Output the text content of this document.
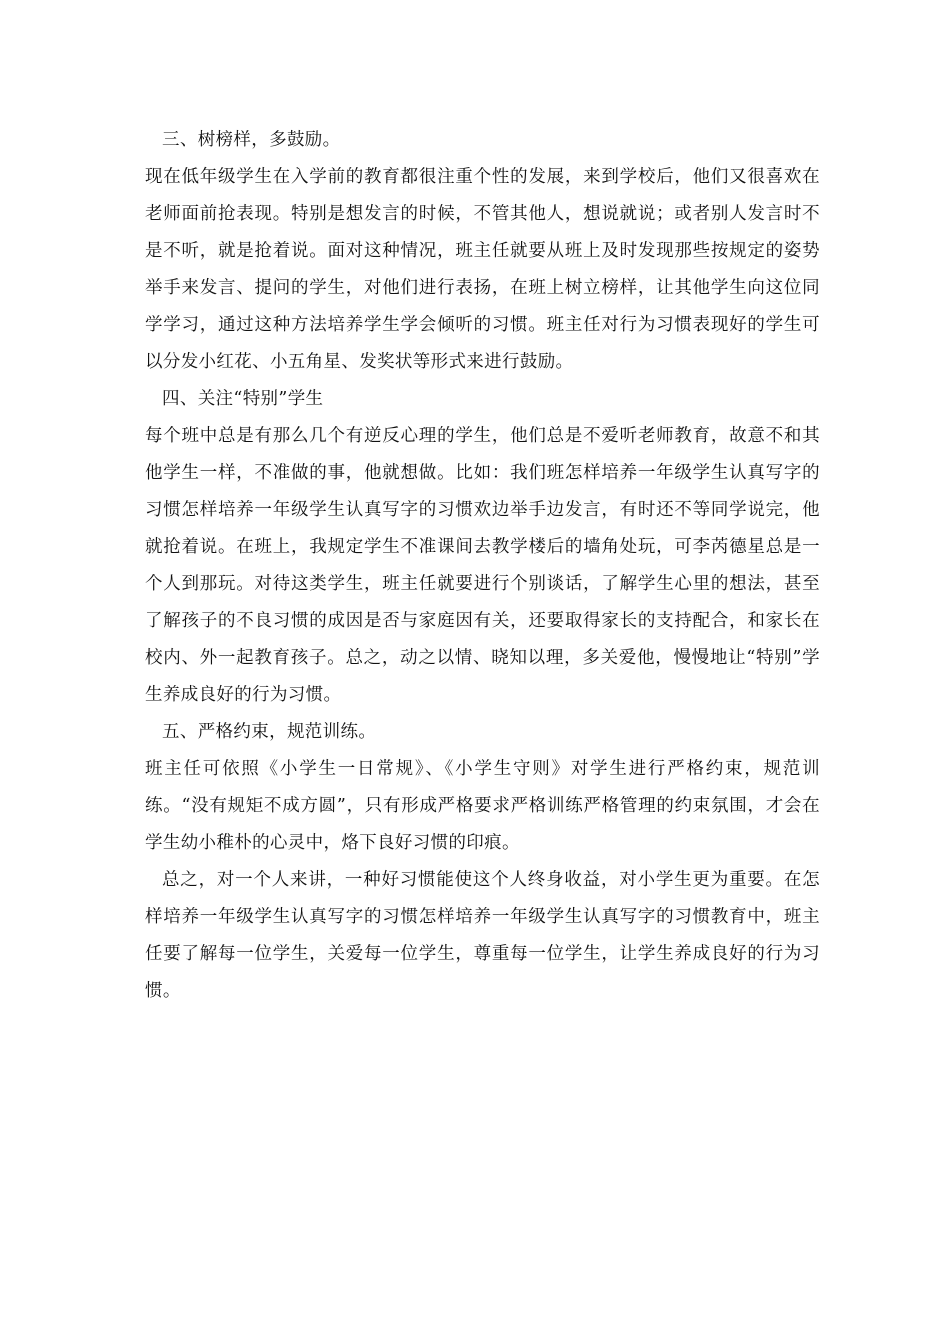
三、树榜样，多鼓励。

现在低年级学生在入学前的教育都很注重个性的发展，来到学校后，他们又很喜欢在老师面前抢表现。特别是想发言的时候，不管其他人，想说就说；或者别人发言时不是不听，就是抢着说。面对这种情况，班主任就要从班上及时发现那些按规定的姿势举手来发言、提问的学生，对他们进行表扬，在班上树立榜样，让其他学生向这位同学学习，通过这种方法培养学生学会倾听的习惯。班主任对行为习惯表现好的学生可以分发小红花、小五角星、发奖状等形式来进行鼓励。

四、关注“特别”学生

每个班中总是有那么几个有逆反心理的学生，他们总是不爱听老师教育，故意不和其他学生一样，不准做的事，他就想做。比如：我们班怎样培养一年级学生认真写字的习惯怎样培养一年级学生认真写字的习惯欢边举手边发言，有时还不等同学说完，他就抢着说。在班上，我规定学生不准课间去教学楼后的墙角处玩，可李芮德星总是一个人到那玩。对待这类学生，班主任就要进行个别谈话，了解学生心里的想法，甚至了解孩子的不良习惯的成因是否与家庭因有关，还要取得家长的支持配合，和家长在校内、外一起教育孩子。总之，动之以情、晓知以理，多关爱他，慢慢地让“特别”学生养成良好的行为习惯。

五、严格约束，规范训练。

班主任可依照《小学生一日常规》、《小学生守则》对学生进行严格约束，规范训练。“没有规矩不成方圆”，只有形成严格要求严格训练严格管理的约束氛围，才会在学生幼小稚朴的心灵中，烙下良好习惯的印痕。

总之，对一个人来讲，一种好习惯能使这个人终身收益，对小学生更为重要。在怎样培养一年级学生认真写字的习惯怎样培养一年级学生认真写字的习惯教育中，班主任要了解每一位学生，关爱每一位学生，尊重每一位学生，让学生养成良好的行为习惯。
